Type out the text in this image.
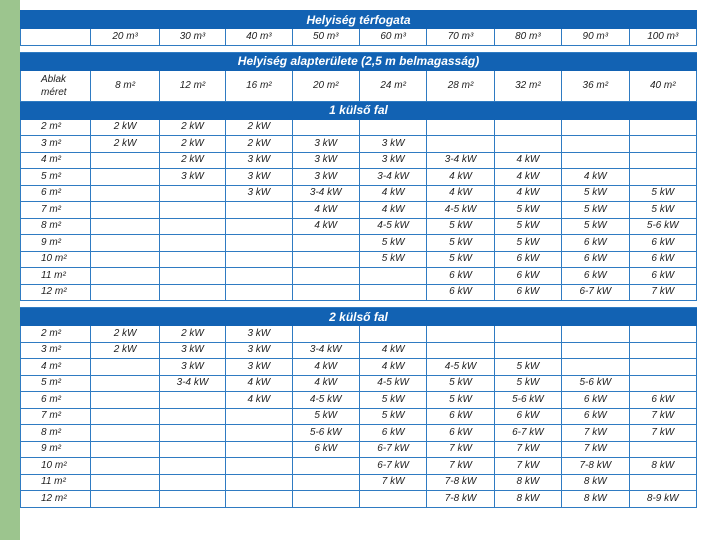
Helyiség térfogata									
	20 m³	30 m³	40 m³	50 m³	60 m³	70 m³	80 m³	90 m³	100 m³

Helyiség alapterülete (2,5 m belmagasság)									

Ablak
méret	8 m²	12 m²	16 m²	20 m²	24 m²	28 m²	32 m²	36 m²	40 m²
1 külső fal									
2 m²	2 kW	2 kW	2 kW						
3 m²	2 kW	2 kW	2 kW	3 kW	3 kW				
4 m²		2 kW	3 kW	3 kW	3 kW	3-4 kW	4 kW		
5 m²		3 kW	3 kW	3 kW	3-4 kW	4 kW	4 kW	4 kW	
6 m²			3 kW	3-4 kW	4 kW	4 kW	4 kW	5 kW	5 kW
7 m²				4 kW	4 kW	4-5 kW	5 kW	5 kW	5 kW
8 m²				4 kW	4-5 kW	5 kW	5 kW	5 kW	5-6 kW
9 m²					5 kW	5 kW	5 kW	6 kW	6 kW
10 m²					5 kW	5 kW	6 kW	6 kW	6 kW
11 m²						6 kW	6 kW	6 kW	6 kW
12 m²						6 kW	6 kW	6-7 kW	7 kW

2 külső fal									
2 m²	2 kW	2 kW	3 kW						
3 m²	2 kW	3 kW	3 kW	3-4 kW	4 kW				
4 m²		3 kW	3 kW	4 kW	4 kW	4-5 kW	5 kW		
5 m²		3-4 kW	4 kW	4 kW	4-5 kW	5 kW	5 kW	5-6 kW	
6 m²			4 kW	4-5 kW	5 kW	5 kW	5-6 kW	6 kW	6 kW
7 m²				5 kW	5 kW	6 kW	6 kW	6 kW	7 kW
8 m²				5-6 kW	6 kW	6 kW	6-7 kW	7 kW	7 kW
9 m²				6 kW	6-7 kW	7 kW	7 kW	7 kW	
10 m²					6-7 kW	7 kW	7 kW	7-8 kW	8 kW
11 m²					7 kW	7-8 kW	8 kW	8 kW	
12 m²						7-8 kW	8 kW	8 kW	8-9 kW
